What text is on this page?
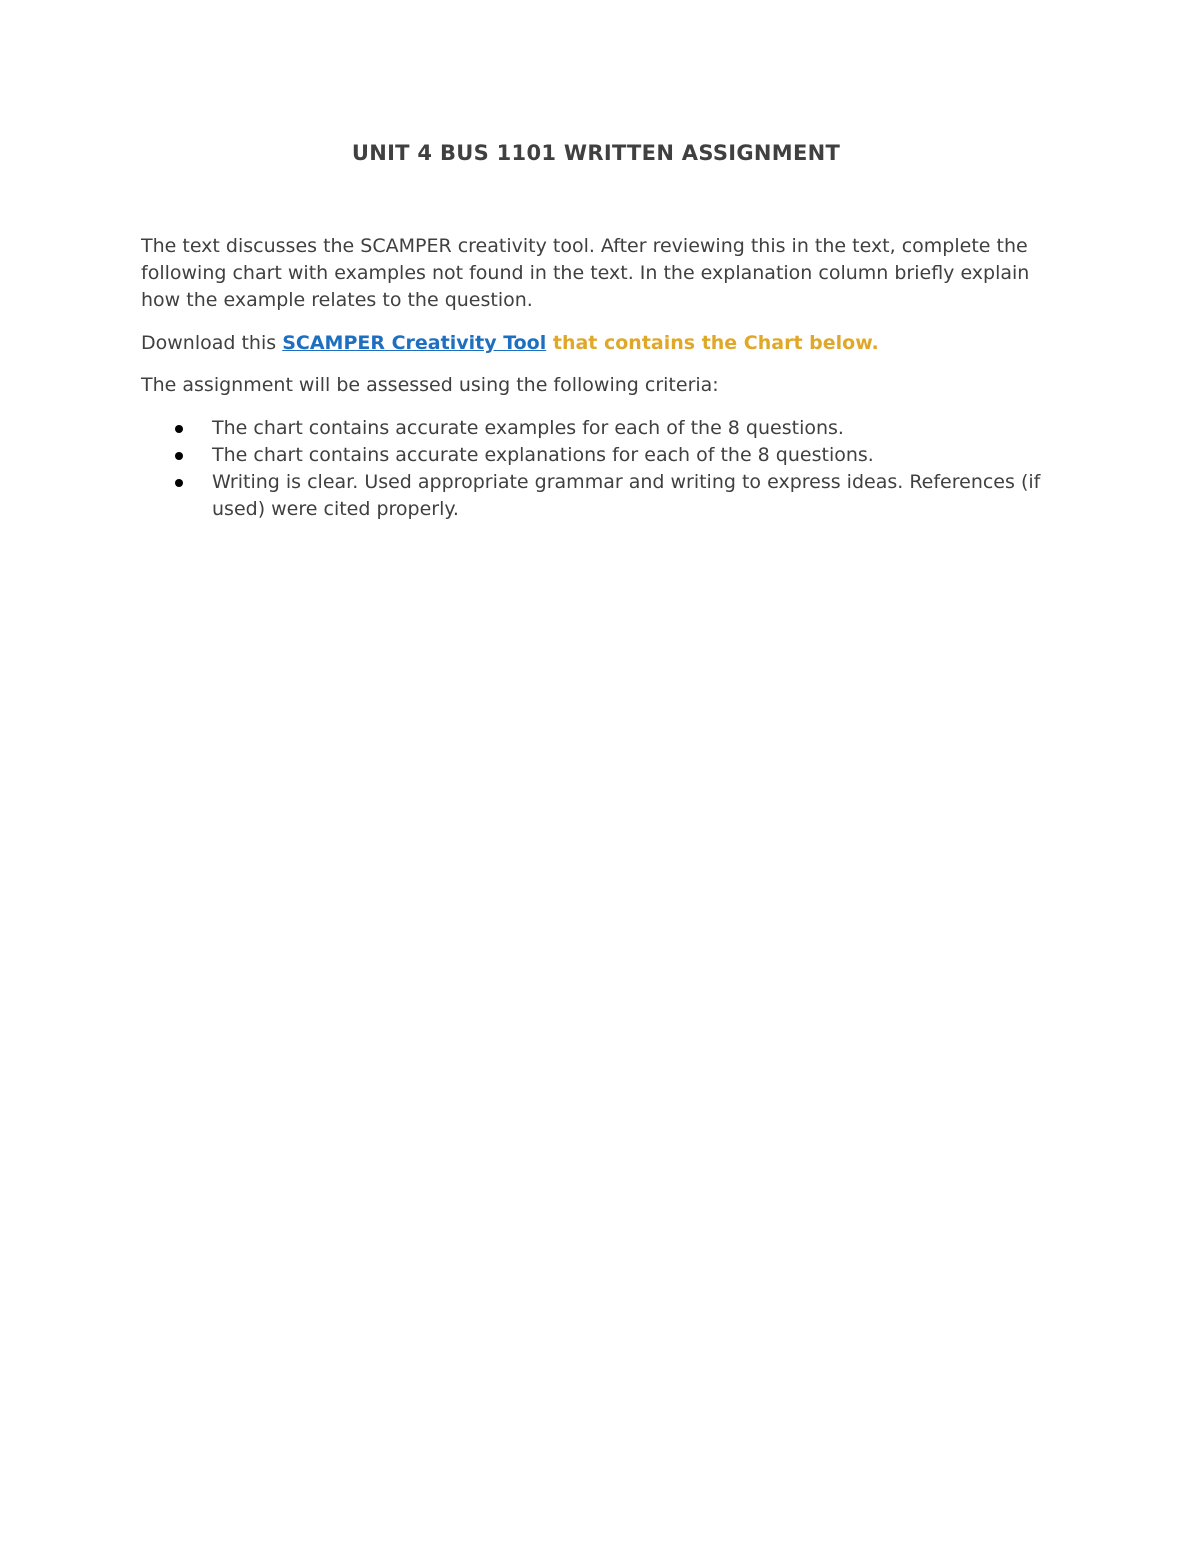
UNIT 4 BUS 1101 WRITTEN ASSIGNMENT

The text discusses the SCAMPER creativity tool. After reviewing this in the text, complete the following chart with examples not found in the text. In the explanation column briefly explain how the example relates to the question.

Download this SCAMPER Creativity Tool that contains the Chart below.

The assignment will be assessed using the following criteria:

The chart contains accurate examples for each of the 8 questions.
The chart contains accurate explanations for each of the 8 questions.
Writing is clear. Used appropriate grammar and writing to express ideas. References (if used) were cited properly.
